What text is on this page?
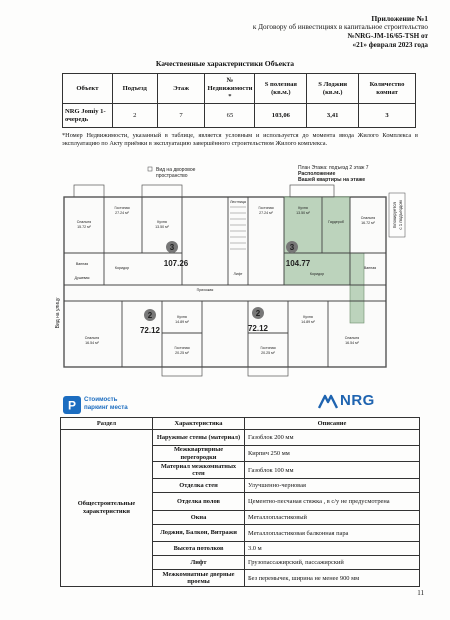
Приложение №1
к Договору об инвестициях в капитальное строительство
№NRG-JM-16/65-TSH от
«21» февраля 2023 года
Качественные характеристики Объекта
Объект	Подъезд	Этаж	№ Недвижимости *	S полезная (кв.м.)	S Лоджии (кв.м.)	Количество комнат
NRG Jomiy 1-очередь	2	7	65	103,06	3,41	3
*Номер Недвижимости, указанный в таблице, является условным и используется до момента ввода Жилого Комплекса в эксплуатацию по Акту приёмки в эксплуатацию завершённого строительством Жилого комплекса.
3
107.26
3
104.77
2
72.12
2
72.12
Спальня
15.72 м²
Гостиная
27.24 м²
Кухня
13.50 м²
Ванная
Душевая
Коридор
Прихожая
Лифт
Лестница
Гостиная
27.24 м²
Кухня
13.50 м²
Гардероб
Спальня
16.72 м²
Ванная
Коридор
Спальня
16.54 м²
Гостиная
20.25 м²
Кухня
14.89 м²
Гостиная
20.25 м²
Кухня
14.89 м²
Спальня
16.54 м²
Вид на дворовое
пространство
План Этажа: подъезд 2 этаж 7
Расположение
Вашей квартиры на этаже
Вид на улицу
Блокируется с 1 подъездом
P Стоимость
паркинг места	NRG
Раздел	Характеристика	Описание
Общестроительные характеристики	Наружные стены (материал)	Газоблок 200 мм
	Межквартирные перегородки	Кирпич 250 мм
	Материал межкомнатных стен	Газоблок 100 мм
	Отделка стен	Улучшенно-черновая
	Отделка полов	Цементно-песчаная стяжка , в с/у не предусмотрена
	Окна	Металлопластиковый
	Лоджия, Балкон, Витражи	Металлопластиковая балконная пара
	Высота потолков	3.0 м
	Лифт	Грузопассажирский, пассажирский
	Межкомнатные дверные проемы	Без перемычек, ширина не менее 900 мм
11
